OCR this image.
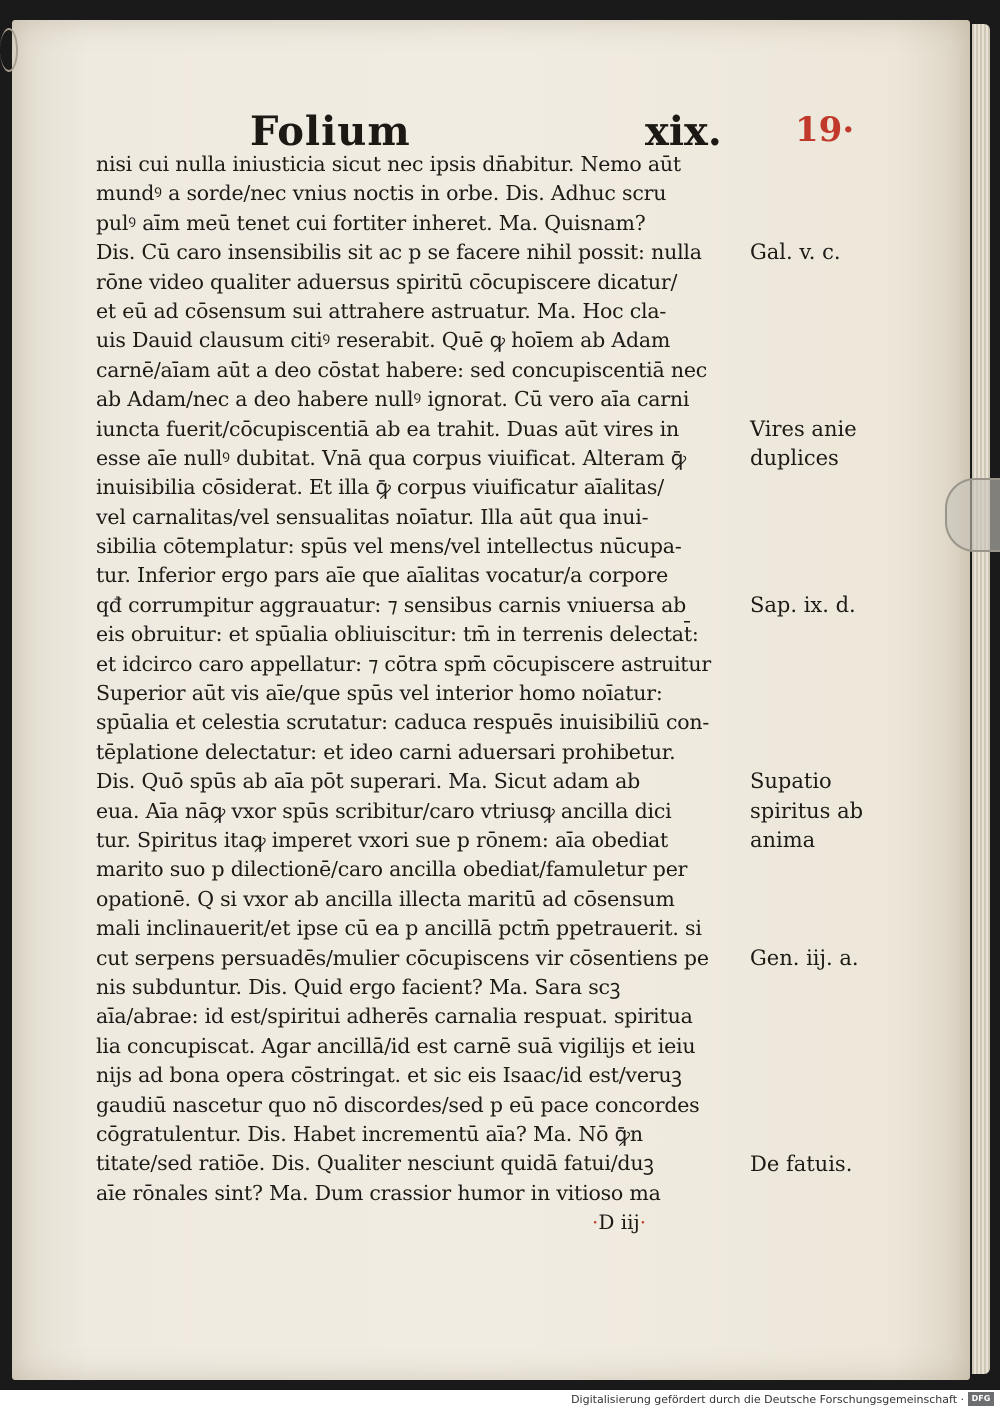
Folium	xix. 19·
nisi cui nulla iniusticia sicut nec ipsis dn̄abitur. Nemo aūt
mundꝰ a sorde/nec vnius noctis in orbe. Dis. Adhuc scru
pulꝰ aīm meū tenet cui fortiter inheret. Ma. Quisnam?
Dis. Cū caro insensibilis sit ac p se facere nihil possit: nulla
rōne video qualiter aduersus spiritū cōcupiscere dicatur/
et eū ad cōsensum sui attrahere astruatur. Ma. Hoc cla-
uis Dauid clausum citiꝰ reserabit. Quē ꝙ hoīem ab Adam
carnē/aīam aūt a deo cōstat habere: sed concupiscentiā nec
ab Adam/nec a deo habere nullꝰ ignorat. Cū vero aīa carni
iuncta fuerit/cōcupiscentiā ab ea trahit. Duas aūt vires in
esse aīe nullꝰ dubitat. Vnā qua corpus viuificat. Alteram ꝙ̄
inuisibilia cōsiderat. Et illa ꝙ̄ corpus viuificatur aīalitas/
vel carnalitas/vel sensualitas noīatur. Illa aūt qua inui-
sibilia cōtemplatur: spūs vel mens/vel intellectus nūcupa-
tur. Inferior ergo pars aīe que aīalitas vocatur/a corpore
qđ corrumpitur aggrauatur: ⁊ sensibus carnis vniuersa ab
eis obruitur: et spūalia obliuiscitur: tm̄ in terrenis delectat̄:
et idcirco caro appellatur: ⁊ cōtra spm̄ cōcupiscere astruitur
Superior aūt vis aīe/que spūs vel interior homo noīatur:
spūalia et celestia scrutatur: caduca respuēs inuisibiliū con-
tēplatione delectatur: et ideo carni aduersari prohibetur.
Dis. Quō spūs ab aīa pōt superari. Ma. Sicut adam ab
eua. Aīa nāꝙ vxor spūs scribitur/caro vtriusꝙ ancilla dici
tur. Spiritus itaꝙ imperet vxori sue p rōnem: aīa obediat
marito suo p dilectionē/caro ancilla obediat/famuletur per
opationē. Q si vxor ab ancilla illecta maritū ad cōsensum
mali inclinauerit/et ipse cū ea p ancillā pctm̄ ppetrauerit. si
cut serpens persuadēs/mulier cōcupiscens vir cōsentiens pe
nis subduntur. Dis. Quid ergo facient? Ma. Sara scꝫ
aīa/abrae: id est/spiritui adherēs carnalia respuat. spiritua
lia concupiscat. Agar ancillā/id est carnē suā vigilijs et ieiu
nijs ad bona opera cōstringat. et sic eis Isaac/id est/veruꝫ
gaudiū nascetur quo nō discordes/sed p eū pace concordes
cōgratulentur. Dis. Habet incrementū aīa? Ma. Nō ꝙ̄n
titate/sed ratiōe. Dis. Qualiter nesciunt quidā fatui/duꝫ
aīe rōnales sint? Ma. Dum crassior humor in vitioso ma
Gal. v. c.
Vires anie
duplices
Sap. ix. d.
Supatio
spiritus ab
anima
Gen. iij. a.
De fatuis.
·D iij·
Digitalisierung gefördert durch die Deutsche Forschungsgemeinschaft · DFG
